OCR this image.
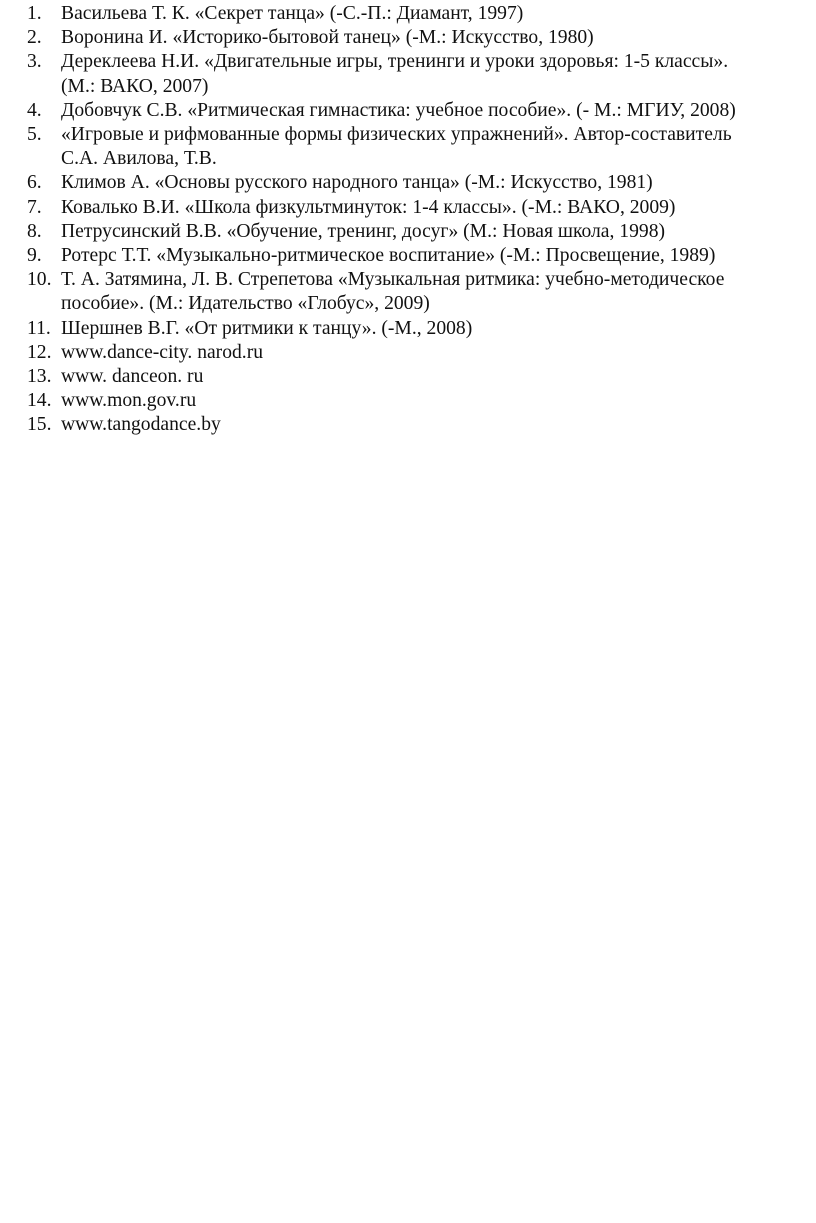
1. Васильева Т. К. «Секрет танца» (-С.-П.: Диамант, 1997)
2. Воронина И. «Историко-бытовой танец» (-М.: Искусство, 1980)
3. Дереклеева Н.И. «Двигательные игры, тренинги и уроки здоровья: 1-5 классы».
(М.: ВАКО, 2007)
4. Добовчук С.В. «Ритмическая гимнастика: учебное пособие». (- М.: МГИУ, 2008)
5. «Игровые и рифмованные формы физических упражнений». Автор-составитель
С.А. Авилова, Т.В.
6. Климов А. «Основы русского народного танца» (-М.: Искусство, 1981)
7. Ковалько В.И. «Школа физкультминуток: 1-4 классы». (-М.: ВАКО, 2009)
8. Петрусинский В.В. «Обучение, тренинг, досуг» (М.: Новая школа, 1998)
9. Ротерс Т.Т. «Музыкально-ритмическое воспитание» (-М.: Просвещение, 1989)
10. Т. А. Затямина, Л. В. Стрепетова «Музыкальная ритмика: учебно-методическое
пособие». (М.: Идательство «Глобус», 2009)
11. Шершнев В.Г. «От ритмики к танцу». (-М., 2008)
12. www.dance-city. narod.ru
13. www. danceon. ru
14. www.mon.gov.ru
15. www.tangodance.by
